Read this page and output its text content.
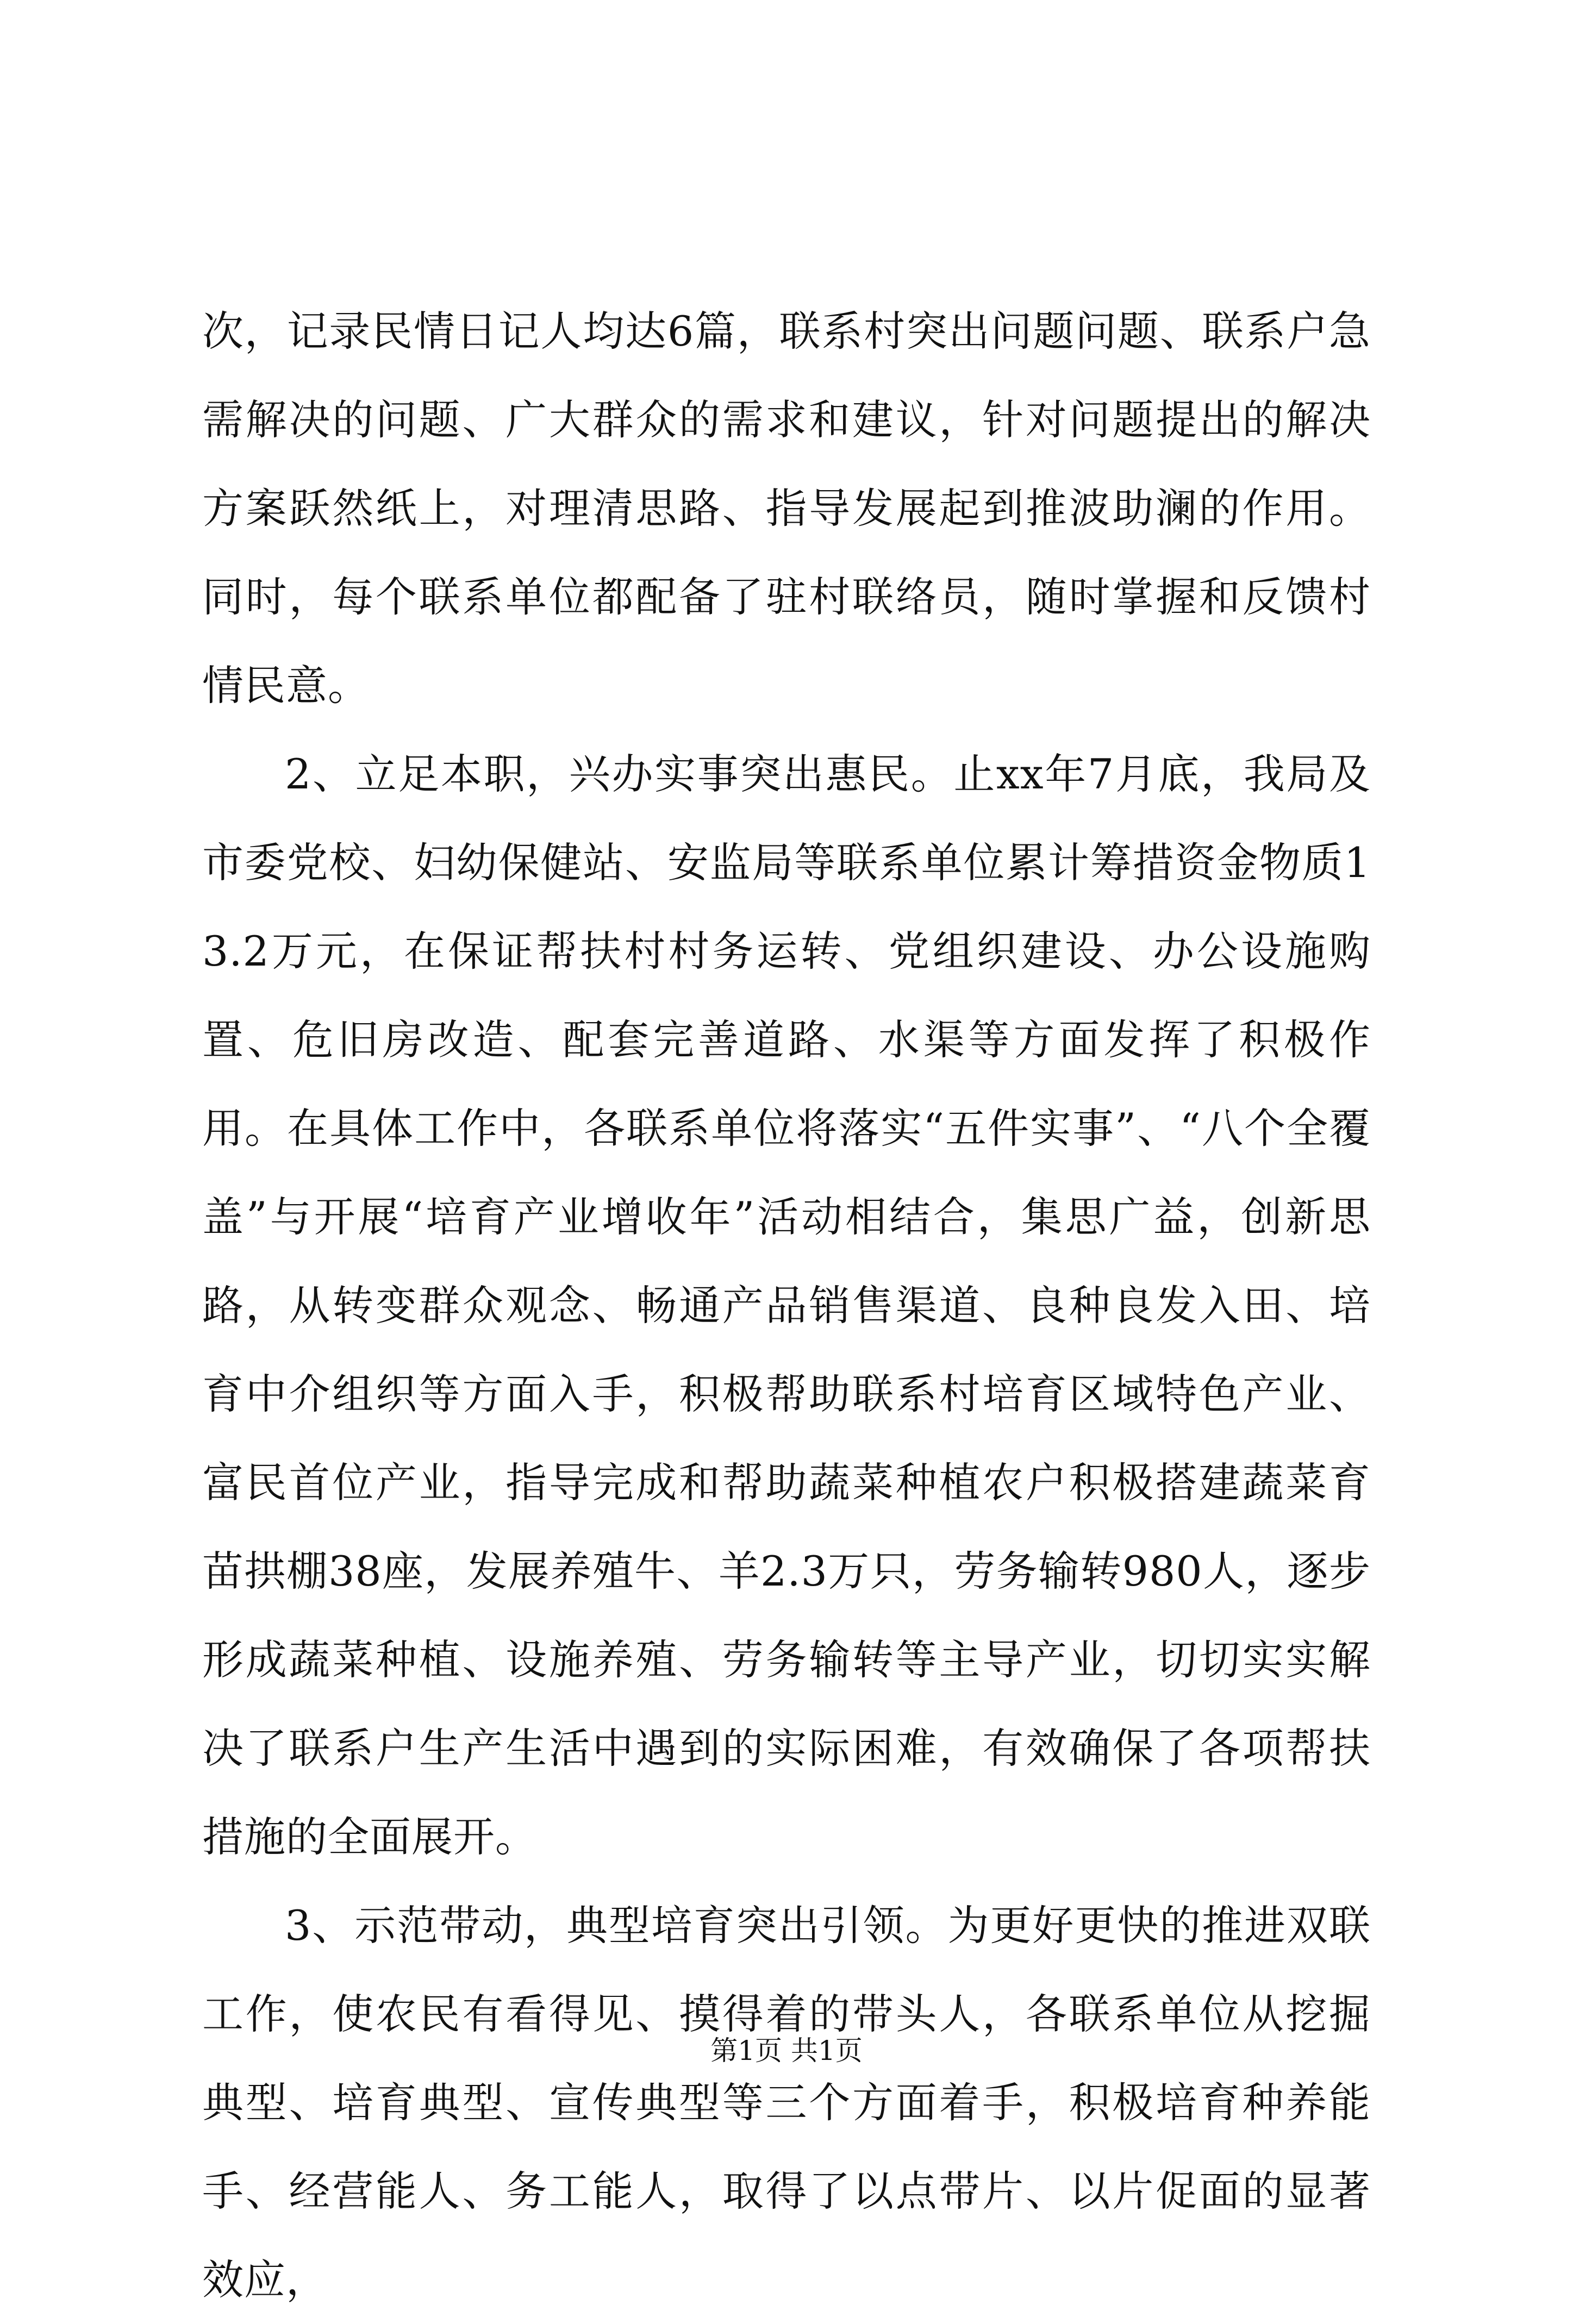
次，记录民情日记人均达6篇，联系村突出问题问题、联系户急需解决的问题、广大群众的需求和建议，针对问题提出的解决方案跃然纸上，对理清思路、指导发展起到推波助澜的作用。同时，每个联系单位都配备了驻村联络员，随时掌握和反馈村情民意。

2、立足本职，兴办实事突出惠民。止xx年7月底，我局及市委党校、妇幼保健站、安监局等联系单位累计筹措资金物质13.2万元，在保证帮扶村村务运转、党组织建设、办公设施购置、危旧房改造、配套完善道路、水渠等方面发挥了积极作用。在具体工作中，各联系单位将落实“五件实事”、“八个全覆盖”与开展“培育产业增收年”活动相结合，集思广益，创新思路，从转变群众观念、畅通产品销售渠道、良种良发入田、培育中介组织等方面入手，积极帮助联系村培育区域特色产业、富民首位产业，指导完成和帮助蔬菜种植农户积极搭建蔬菜育苗拱棚38座，发展养殖牛、羊2.3万只，劳务输转980人，逐步形成蔬菜种植、设施养殖、劳务输转等主导产业，切切实实解决了联系户生产生活中遇到的实际困难，有效确保了各项帮扶措施的全面展开。

3、示范带动，典型培育突出引领。为更好更快的推进双联工作，使农民有看得见、摸得着的带头人，各联系单位从挖掘典型、培育典型、宣传典型等三个方面着手，积极培育种养能手、经营能人、务工能人，取得了以点带片、以片促面的显著效应，

第1页 共1页
